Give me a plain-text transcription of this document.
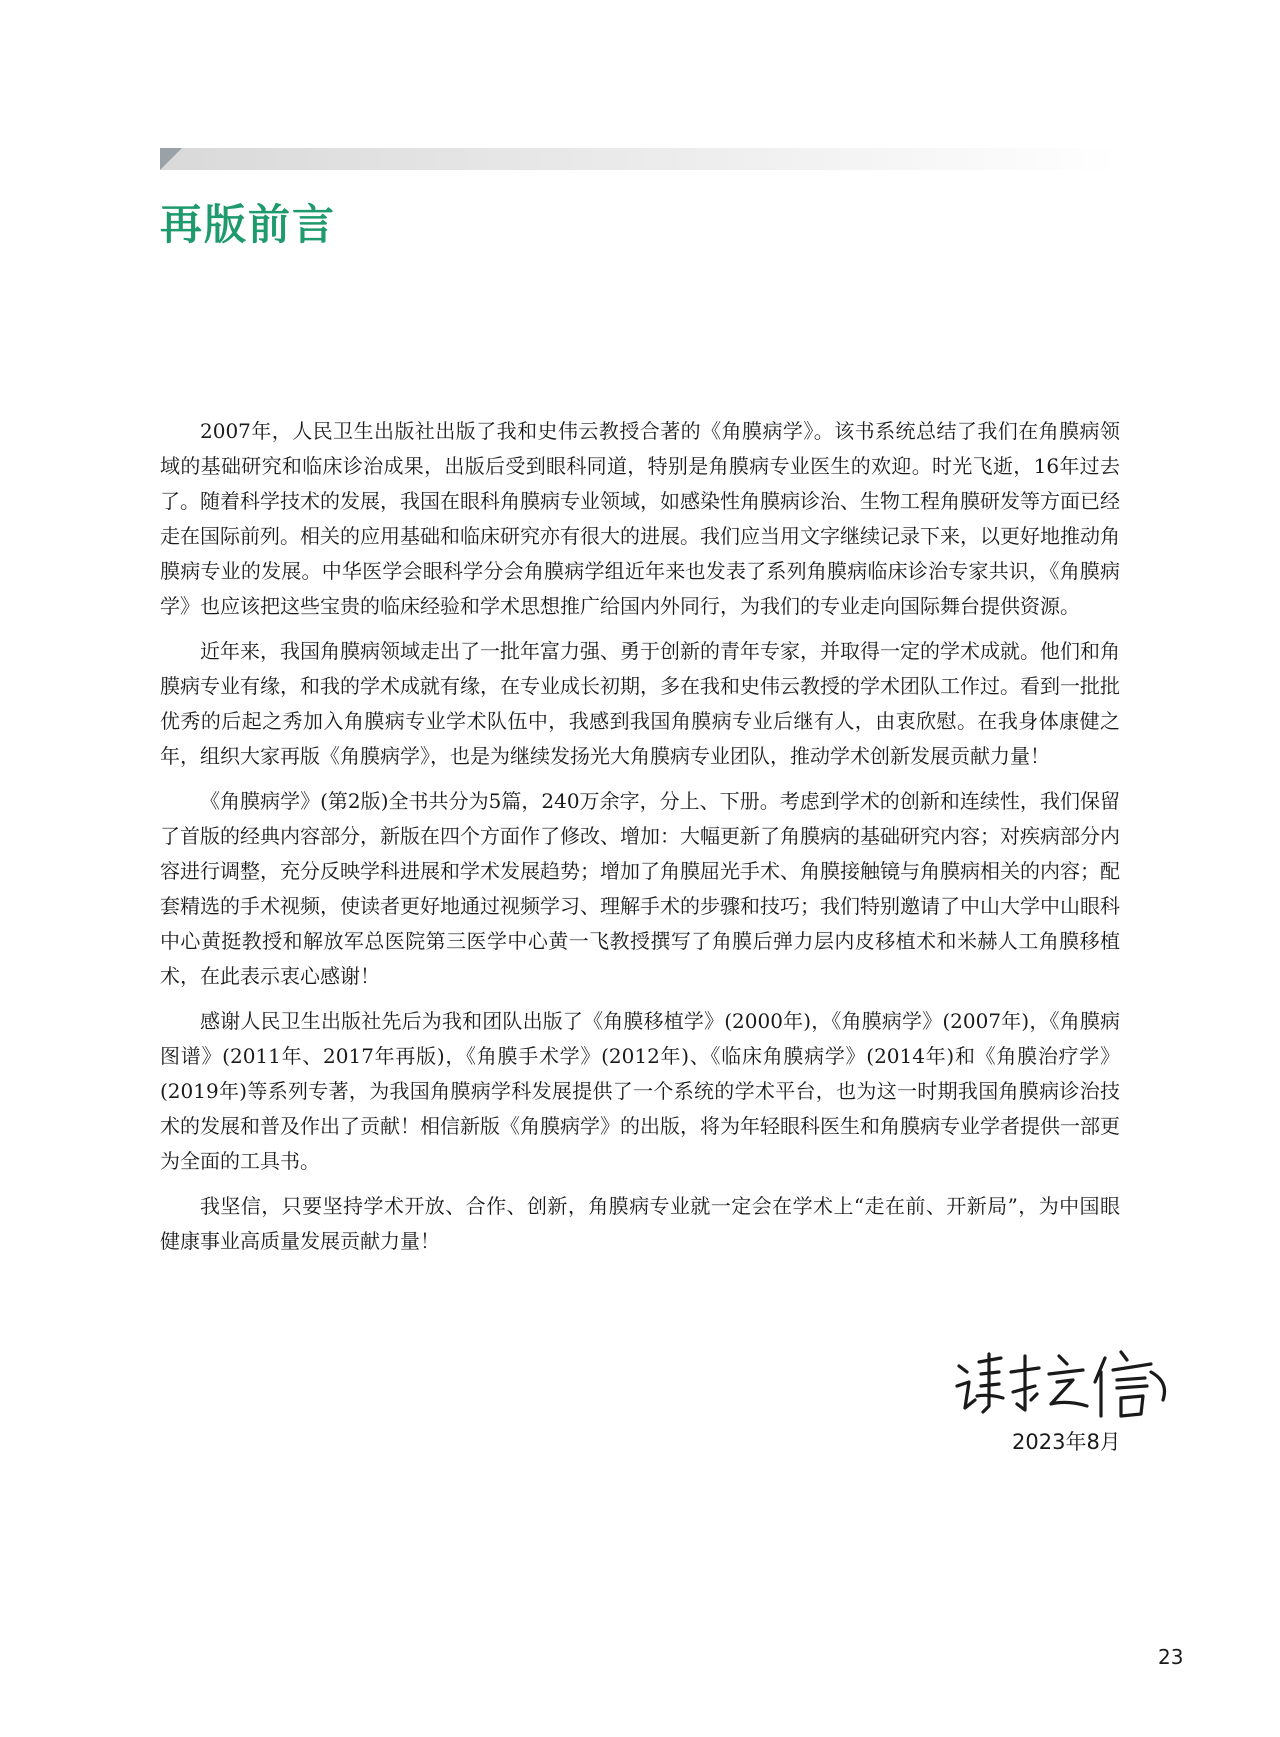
再版前言

2007年，人民卫生出版社出版了我和史伟云教授合著的《角膜病学》。该书系统总结了我们在角膜病领域的基础研究和临床诊治成果，出版后受到眼科同道，特别是角膜病专业医生的欢迎。时光飞逝，16年过去了。随着科学技术的发展，我国在眼科角膜病专业领域，如感染性角膜病诊治、生物工程角膜研发等方面已经走在国际前列。相关的应用基础和临床研究亦有很大的进展。我们应当用文字继续记录下来，以更好地推动角膜病专业的发展。中华医学会眼科学分会角膜病学组近年来也发表了系列角膜病临床诊治专家共识，《角膜病学》也应该把这些宝贵的临床经验和学术思想推广给国内外同行，为我们的专业走向国际舞台提供资源。

近年来，我国角膜病领域走出了一批年富力强、勇于创新的青年专家，并取得一定的学术成就。他们和角膜病专业有缘，和我的学术成就有缘，在专业成长初期，多在我和史伟云教授的学术团队工作过。看到一批批优秀的后起之秀加入角膜病专业学术队伍中，我感到我国角膜病专业后继有人，由衷欣慰。在我身体康健之年，组织大家再版《角膜病学》，也是为继续发扬光大角膜病专业团队，推动学术创新发展贡献力量！

《角膜病学》(第2版)全书共分为5篇，240万余字，分上、下册。考虑到学术的创新和连续性，我们保留了首版的经典内容部分，新版在四个方面作了修改、增加：大幅更新了角膜病的基础研究内容；对疾病部分内容进行调整，充分反映学科进展和学术发展趋势；增加了角膜屈光手术、角膜接触镜与角膜病相关的内容；配套精选的手术视频，使读者更好地通过视频学习、理解手术的步骤和技巧；我们特别邀请了中山大学中山眼科中心黄挺教授和解放军总医院第三医学中心黄一飞教授撰写了角膜后弹力层内皮移植术和米赫人工角膜移植术，在此表示衷心感谢！

感谢人民卫生出版社先后为我和团队出版了《角膜移植学》(2000年)，《角膜病学》(2007年)，《角膜病图谱》(2011年、2017年再版)，《角膜手术学》(2012年)、《临床角膜病学》(2014年)和《角膜治疗学》(2019年)等系列专著，为我国角膜病学科发展提供了一个系统的学术平台，也为这一时期我国角膜病诊治技术的发展和普及作出了贡献！相信新版《角膜病学》的出版，将为年轻眼科医生和角膜病专业学者提供一部更为全面的工具书。

我坚信，只要坚持学术开放、合作、创新，角膜病专业就一定会在学术上“走在前、开新局”，为中国眼健康事业高质量发展贡献力量！

2023年8月

23
